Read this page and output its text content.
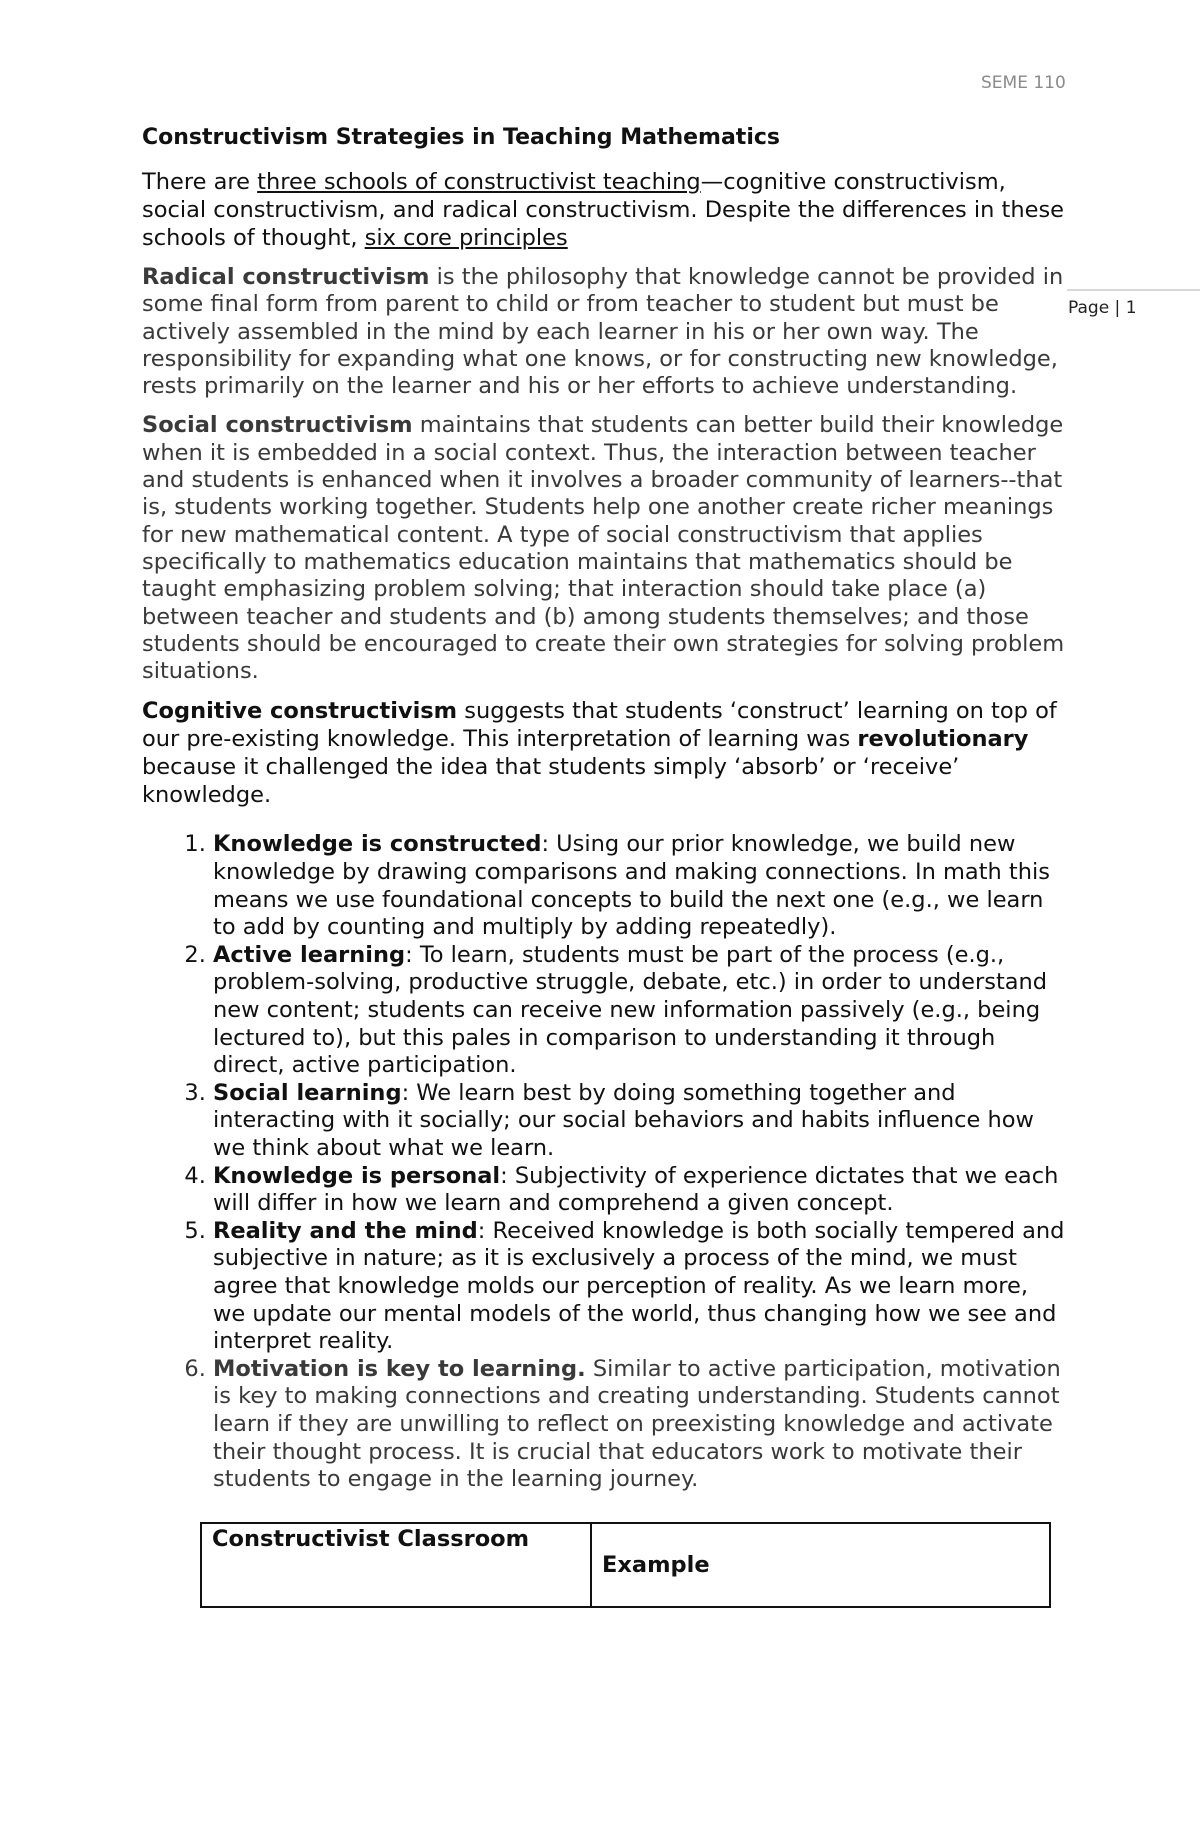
SEME 110
Page | 1
Constructivism Strategies in Teaching Mathematics

There are three schools of constructivist teaching—cognitive constructivism, social constructivism, and radical constructivism. Despite the differences in these schools of thought, six core principles

Radical constructivism is the philosophy that knowledge cannot be provided in some final form from parent to child or from teacher to student but must be actively assembled in the mind by each learner in his or her own way. The responsibility for expanding what one knows, or for constructing new knowledge, rests primarily on the learner and his or her efforts to achieve understanding.

Social constructivism maintains that students can better build their knowledge when it is embedded in a social context. Thus, the interaction between teacher and students is enhanced when it involves a broader community of learners--that is, students working together. Students help one another create richer meanings for new mathematical content. A type of social constructivism that applies specifically to mathematics education maintains that mathematics should be taught emphasizing problem solving; that interaction should take place (a) between teacher and students and (b) among students themselves; and those students should be encouraged to create their own strategies for solving problem situations.

Cognitive constructivism suggests that students ‘construct’ learning on top of our pre-existing knowledge. This interpretation of learning was revolutionary because it challenged the idea that students simply ‘absorb’ or ‘receive’ knowledge.

1. Knowledge is constructed: Using our prior knowledge, we build new knowledge by drawing comparisons and making connections. In math this means we use foundational concepts to build the next one (e.g., we learn to add by counting and multiply by adding repeatedly).
2. Active learning: To learn, students must be part of the process (e.g., problem-solving, productive struggle, debate, etc.) in order to understand new content; students can receive new information passively (e.g., being lectured to), but this pales in comparison to understanding it through direct, active participation.
3. Social learning: We learn best by doing something together and interacting with it socially; our social behaviors and habits influence how we think about what we learn.
4. Knowledge is personal: Subjectivity of experience dictates that we each will differ in how we learn and comprehend a given concept.
5. Reality and the mind: Received knowledge is both socially tempered and subjective in nature; as it is exclusively a process of the mind, we must agree that knowledge molds our perception of reality. As we learn more, we update our mental models of the world, thus changing how we see and interpret reality.
6. Motivation is key to learning. Similar to active participation, motivation is key to making connections and creating understanding. Students cannot learn if they are unwilling to reflect on preexisting knowledge and activate their thought process. It is crucial that educators work to motivate their students to engage in the learning journey.
Constructivist Classroom	Example
